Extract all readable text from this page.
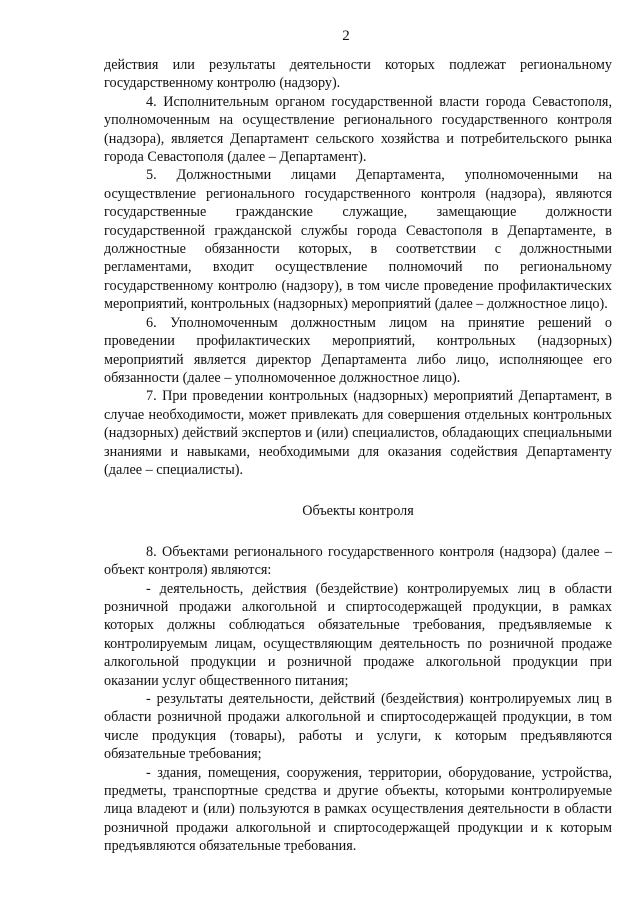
2

действия или результаты деятельности которых подлежат региональному государственному контролю (надзору).

4. Исполнительным органом государственной власти города Севастополя, уполномоченным на осуществление регионального государственного контроля (надзора), является Департамент сельского хозяйства и потребительского рынка города Севастополя (далее – Департамент).

5. Должностными лицами Департамента, уполномоченными на осуществление регионального государственного контроля (надзора), являются государственные гражданские служащие, замещающие должности государственной гражданской службы города Севастополя в Департаменте, в должностные обязанности которых, в соответствии с должностными регламентами, входит осуществление полномочий по региональному государственному контролю (надзору), в том числе проведение профилактических мероприятий, контрольных (надзорных) мероприятий (далее – должностное лицо).

6. Уполномоченным должностным лицом на принятие решений о проведении профилактических мероприятий, контрольных (надзорных) мероприятий является директор Департамента либо лицо, исполняющее его обязанности (далее – уполномоченное должностное лицо).

7. При проведении контрольных (надзорных) мероприятий Департамент, в случае необходимости, может привлекать для совершения отдельных контрольных (надзорных) действий экспертов и (или) специалистов, обладающих специальными знаниями и навыками, необходимыми для оказания содействия Департаменту (далее – специалисты).

Объекты контроля

8. Объектами регионального государственного контроля (надзора) (далее – объект контроля) являются:

- деятельность, действия (бездействие) контролируемых лиц в области розничной продажи алкогольной и спиртосодержащей продукции, в рамках которых должны соблюдаться обязательные требования, предъявляемые к контролируемым лицам, осуществляющим деятельность по розничной продаже алкогольной продукции и розничной продаже алкогольной продукции при оказании услуг общественного питания;

- результаты деятельности, действий (бездействия) контролируемых лиц в области розничной продажи алкогольной и спиртосодержащей продукции, в том числе продукция (товары), работы и услуги, к которым предъявляются обязательные требования;

- здания, помещения, сооружения, территории, оборудование, устройства, предметы, транспортные средства и другие объекты, которыми контролируемые лица владеют и (или) пользуются в рамках осуществления деятельности в области розничной продажи алкогольной и спиртосодержащей продукции и к которым предъявляются обязательные требования.
